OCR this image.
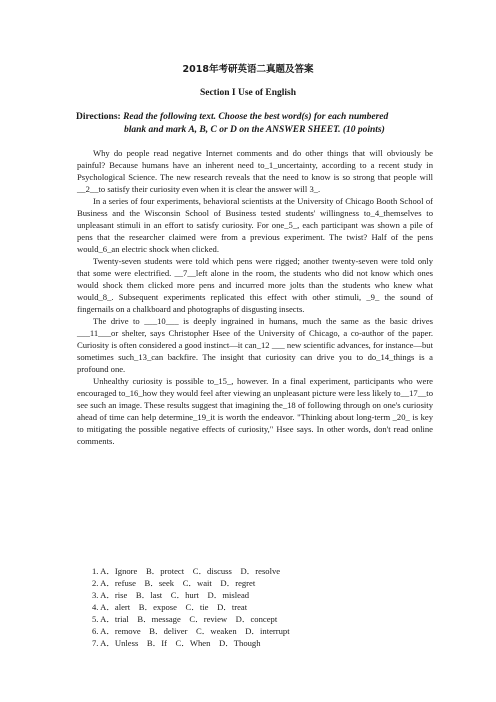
2018年考研英语二真题及答案
Section I Use of English
Directions: Read the following text. Choose the best word(s) for each numbered
blank and mark A, B, C or D on the ANSWER SHEET. (10 points)

Why do people read negative Internet comments and do other things that will obviously be painful? Because humans have an inherent need to_1_uncertainty, according to a recent study in Psychological Science. The new research reveals that the need to know is so strong that people will __2__to satisfy their curiosity even when it is clear the answer will 3_.

In a series of four experiments, behavioral scientists at the University of Chicago Booth School of Business and the Wisconsin School of Business tested students' willingness to_4_themselves to unpleasant stimuli in an effort to satisfy curiosity. For one_5_, each participant was shown a pile of pens that the researcher claimed were from a previous experiment. The twist? Half of the pens would_6_an electric shock when clicked.

Twenty-seven students were told which pens were rigged; another twenty-seven were told only that some were electrified. __7__left alone in the room, the students who did not know which ones would shock them clicked more pens and incurred more jolts than the students who knew what would_8_. Subsequent experiments replicated this effect with other stimuli, _9_ the sound of fingernails on a chalkboard and photographs of disgusting insects.

The drive to ___10___ is deeply ingrained in humans, much the same as the basic drives ___11___or shelter, says Christopher Hsee of the University of Chicago, a co-author of the paper. Curiosity is often considered a good instinct—it can_12 ___ new scientific advances, for instance—but sometimes such_13_can backfire. The insight that curiosity can drive you to do_14_things is a profound one.

Unhealthy curiosity is possible to_15_, however. In a final experiment, participants who were encouraged to_16_how they would feel after viewing an unpleasant picture were less likely to__17__to see such an image. These results suggest that imagining the_18 of following through on one's curiosity ahead of time can help determine_19_it is worth the endeavor. "Thinking about long-term _20_ is key to mitigating the possible negative effects of curiosity," Hsee says. In other words, don't read online comments.

1. A．Ignore    B．protect    C．discuss    D．resolve
2. A．refuse    B．seek    C．wait    D．regret
3. A．rise    B．last    C．hurt    D．mislead
4. A．alert    B．expose    C．tie    D．treat
5. A．trial    B．message    C．review    D．concept
6. A．remove    B．deliver    C．weaken    D．interrupt
7. A．Unless    B．If    C．When    D．Though
